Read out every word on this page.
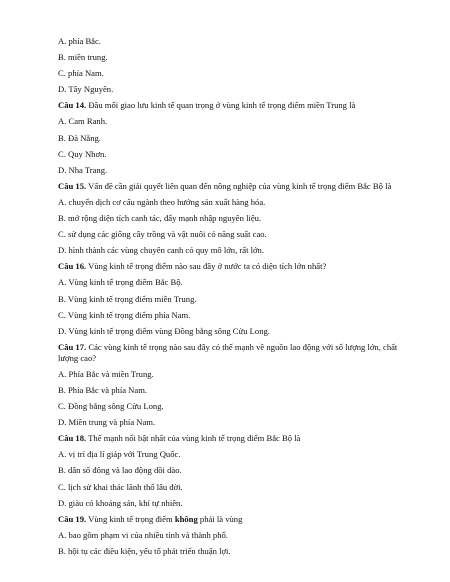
A. phía Bắc.
B. miền trung.
C. phía Nam.
D. Tây Nguyên.
Câu 14. Đầu mối giao lưu kinh tế quan trọng ở vùng kinh tế trọng điểm miền Trung là
A. Cam Ranh.
B. Đà Nẵng.
C. Quy Nhơn.
D. Nha Trang.
Câu 15. Vấn đề cần giải quyết liên quan đến nông nghiệp của vùng kinh tế trọng điểm Bắc Bộ là
A. chuyển dịch cơ cấu ngành theo hướng sản xuất hàng hóa.
B. mở rộng diện tích canh tác, đẩy mạnh nhập nguyên liệu.
C. sử dụng các giống cây trồng và vật nuôi có năng suất cao.
D. hình thành các vùng chuyên canh có quy mô lớn, rất lớn.
Câu 16. Vùng kinh tế trọng điểm nào sau đây ở nước ta có diện tích lớn nhất?
A. Vùng kinh tế trọng điểm Bắc Bộ.
B. Vùng kinh tế trọng điểm miền Trung.
C. Vùng kinh tế trọng điểm phía Nam.
D. Vùng kinh tế trọng điểm vùng Đồng bằng sông Cửu Long.
Câu 17. Các vùng kinh tế trọng nào sau đây có thế mạnh về nguồn lao động với số lượng lớn, chất lượng cao?
A. Phía Bắc và miền Trung.
B. Phía Bắc và phía Nam.
C. Đồng bằng sông Cửu Long.
D. Miền trung và phía Nam.
Câu 18. Thế mạnh nổi bật nhất của vùng kinh tế trọng điểm Bắc Bộ là
A. vị trí địa lí giáp với Trung Quốc.
B. dân số đông và lao động dồi dào.
C. lịch sử khai thác lãnh thổ lâu đời.
D. giàu có khoáng sản, khí tự nhiên.
Câu 19. Vùng kinh tế trọng điểm không phải là vùng
A. bao gồm phạm vi của nhiều tỉnh và thành phố.
B. hội tụ các điều kiện, yếu tố phát triển thuận lợi.
